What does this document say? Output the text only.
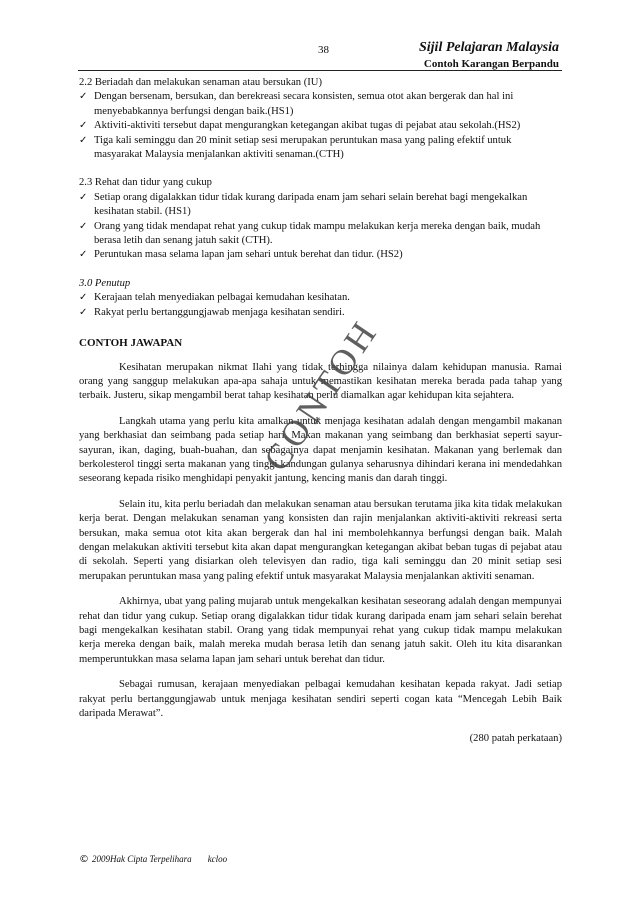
38	Sijil Pelajaran Malaysia
Contoh Karangan Berpandu

2.2 Beriadah dan melakukan senaman atau bersukan (IU)

✓ Dengan bersenam, bersukan, dan berekreasi secara konsisten, semua otot akan bergerak dan hal ini menyebabkannya berfungsi dengan baik.(HS1)
✓ Aktiviti-aktiviti tersebut dapat mengurangkan ketegangan akibat tugas di pejabat atau sekolah.(HS2)
✓ Tiga kali seminggu dan 20 minit setiap sesi merupakan peruntukan masa yang paling efektif untuk masyarakat Malaysia menjalankan aktiviti senaman.(CTH)

2.3 Rehat dan tidur yang cukup

✓ Setiap orang digalakkan tidur tidak kurang daripada enam jam sehari selain berehat bagi mengekalkan kesihatan stabil. (HS1)
✓ Orang yang tidak mendapat rehat yang cukup tidak mampu melakukan kerja mereka dengan baik, mudah berasa letih dan senang jatuh sakit (CTH).
✓ Peruntukan masa selama lapan jam sehari untuk berehat dan tidur. (HS2)

3.0 Penutup

✓ Kerajaan telah menyediakan pelbagai kemudahan kesihatan.
✓ Rakyat perlu bertanggungjawab menjaga kesihatan sendiri.
CONTOH JAWAPAN

Kesihatan merupakan nikmat Ilahi yang tidak terhingga nilainya dalam kehidupan manusia. Ramai orang yang sanggup melakukan apa-apa sahaja untuk memastikan kesihatan mereka berada pada tahap yang terbaik. Justeru, sikap mengambil berat tahap kesihatan perlu diamalkan agar kehidupan kita sejahtera.

Langkah utama yang perlu kita amalkan untuk menjaga kesihatan adalah dengan mengambil makanan yang berkhasiat dan seimbang pada setiap hari. Makan makanan yang seimbang dan berkhasiat seperti sayur-sayuran, ikan, daging, buah-buahan, dan sebagainya dapat menjamin kesihatan. Makanan yang berlemak dan berkolesterol tinggi serta makanan yang tinggi kandungan gulanya seharusnya dihindari kerana ini mendedahkan seseorang kepada risiko menghidapi penyakit jantung, kencing manis dan darah tinggi.

Selain itu, kita perlu beriadah dan melakukan senaman atau bersukan terutama jika kita tidak melakukan kerja berat. Dengan melakukan senaman yang konsisten dan rajin menjalankan aktiviti-aktiviti rekreasi serta bersukan, maka semua otot kita akan bergerak dan hal ini membolehkannya berfungsi dengan baik. Malah dengan melakukan aktiviti tersebut kita akan dapat mengurangkan ketegangan akibat beban tugas di pejabat atau di sekolah. Seperti yang disiarkan oleh televisyen dan radio, tiga kali seminggu dan 20 minit setiap sesi merupakan peruntukan masa yang paling efektif untuk masyarakat Malaysia menjalankan aktiviti senaman.

Akhirnya, ubat yang paling mujarab untuk mengekalkan kesihatan seseorang adalah dengan mempunyai rehat dan tidur yang cukup. Setiap orang digalakkan tidur tidak kurang daripada enam jam sehari selain berehat bagi mengekalkan kesihatan stabil. Orang yang tidak mempunyai rehat yang cukup tidak mampu melakukan kerja mereka dengan baik, malah mereka mudah berasa letih dan senang jatuh sakit. Oleh itu kita disarankan memperuntukkan masa selama lapan jam sehari untuk berehat dan tidur.

Sebagai rumusan, kerajaan menyediakan pelbagai kemudahan kesihatan kepada rakyat. Jadi setiap rakyat perlu bertanggungjawab untuk menjaga kesihatan sendiri seperti cogan kata “Mencegah Lebih Baik daripada Merawat”.

(280 patah perkataan)
CONTOH
© 2009Hak Cipta Terpelihara kcloo
